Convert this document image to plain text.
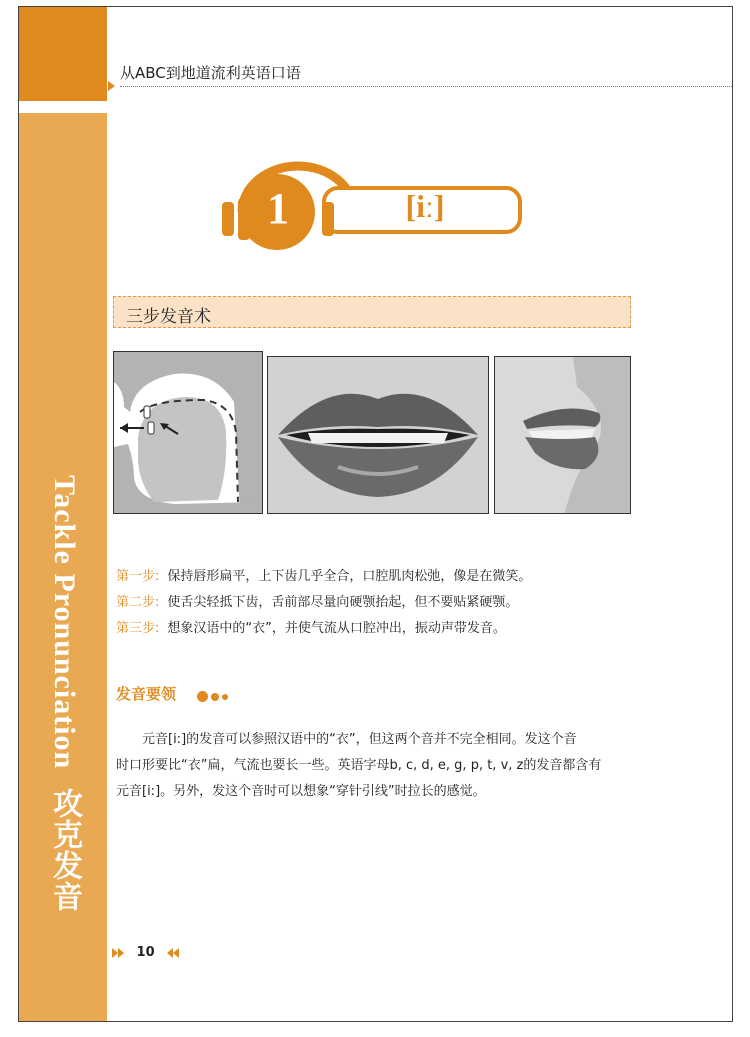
Tackle Pronunciation 攻克发音
从ABC到地道流利英语口语
1	[iː]
三步发音术
第一步: 保持唇形扁平，上下齿几乎全合，口腔肌肉松弛，像是在微笑。
第二步: 使舌尖轻抵下齿，舌前部尽量向硬颚抬起，但不要贴紧硬颚。
第三步: 想象汉语中的“衣”，并使气流从口腔冲出，振动声带发音。
发音要领

元音[i:]的发音可以参照汉语中的“衣”，但这两个音并不完全相同。发这个音

时口形要比“衣”扁，气流也要长一些。英语字母b, c, d, e, g, p, t, v, z的发音都含有

元音[i:]。另外，发这个音时可以想象“穿针引线”时拉长的感觉。

10
